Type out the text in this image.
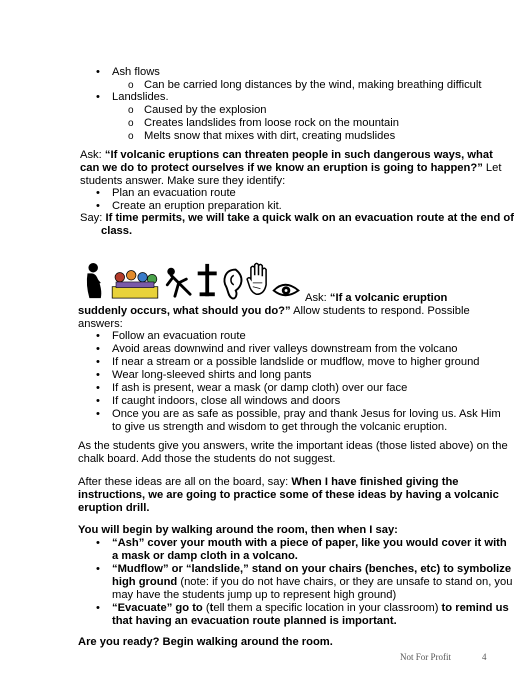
• Ash flows
o Can be carried long distances by the wind, making breathing difficult
• Landslides.
o Caused by the explosion
o Creates landslides from loose rock on the mountain
o Melts snow that mixes with dirt, creating mudslides
Ask: “If volcanic eruptions can threaten people in such dangerous ways, what
can we do to protect ourselves if we know an eruption is going to happen?” Let
students answer. Make sure they identify:
• Plan an evacuation route
• Create an eruption preparation kit.
Say: If time permits, we will take a quick walk on an evacuation route at the end of
class.
Ask: “If a volcanic eruption
suddenly occurs, what should you do?” Allow students to respond. Possible
answers:
• Follow an evacuation route
• Avoid areas downwind and river valleys downstream from the volcano
• If near a stream or a possible landslide or mudflow, move to higher ground
• Wear long-sleeved shirts and long pants
• If ash is present, wear a mask (or damp cloth) over our face
• If caught indoors, close all windows and doors
• Once you are as safe as possible, pray and thank Jesus for loving us. Ask Him
to give us strength and wisdom to get through the volcanic eruption.
As the students give you answers, write the important ideas (those listed above) on the
chalk board. Add those the students do not suggest.
After these ideas are all on the board, say: When I have finished giving the
instructions, we are going to practice some of these ideas by having a volcanic
eruption drill.
You will begin by walking around the room, then when I say:
• “Ash” cover your mouth with a piece of paper, like you would cover it with
a mask or damp cloth in a volcano.
• “Mudflow” or “landslide,” stand on your chairs (benches, etc) to symbolize
high ground (note: if you do not have chairs, or they are unsafe to stand on, you
may have the students jump up to represent high ground)
• “Evacuate” go to (tell them a specific location in your classroom) to remind us
that having an evacuation route planned is important.
Are you ready? Begin walking around the room.
Not For Profit	4
